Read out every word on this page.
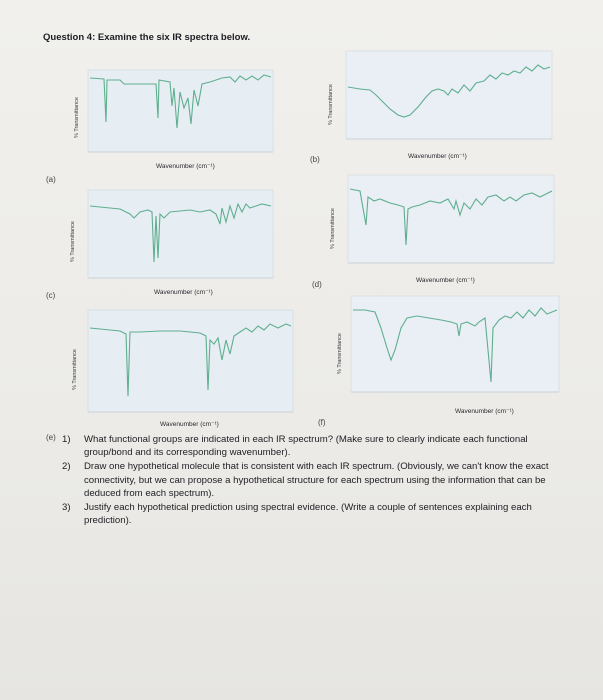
Question 4: Examine the six IR spectra below.
% Transmittance
Wavenumber (cm⁻¹)
(a)
% Transmittance
Wavenumber (cm⁻¹)
(b)
% Transmittance
Wavenumber (cm⁻¹)
(c)
% Transmittance
Wavenumber (cm⁻¹)
(d)
% Transmittance
Wavenumber (cm⁻¹)
(e)
% Transmittance
Wavenumber (cm⁻¹)
(f)
1)	What functional groups are indicated in each IR spectrum? (Make sure to clearly indicate each functional group/bond and its corresponding wavenumber).
2)	Draw one hypothetical molecule that is consistent with each IR spectrum. (Obviously, we can't know the exact connectivity, but we can propose a hypothetical structure for each spectrum using the information that can be deduced from each spectrum).
3)	Justify each hypothetical prediction using spectral evidence. (Write a couple of sentences explaining each prediction).
